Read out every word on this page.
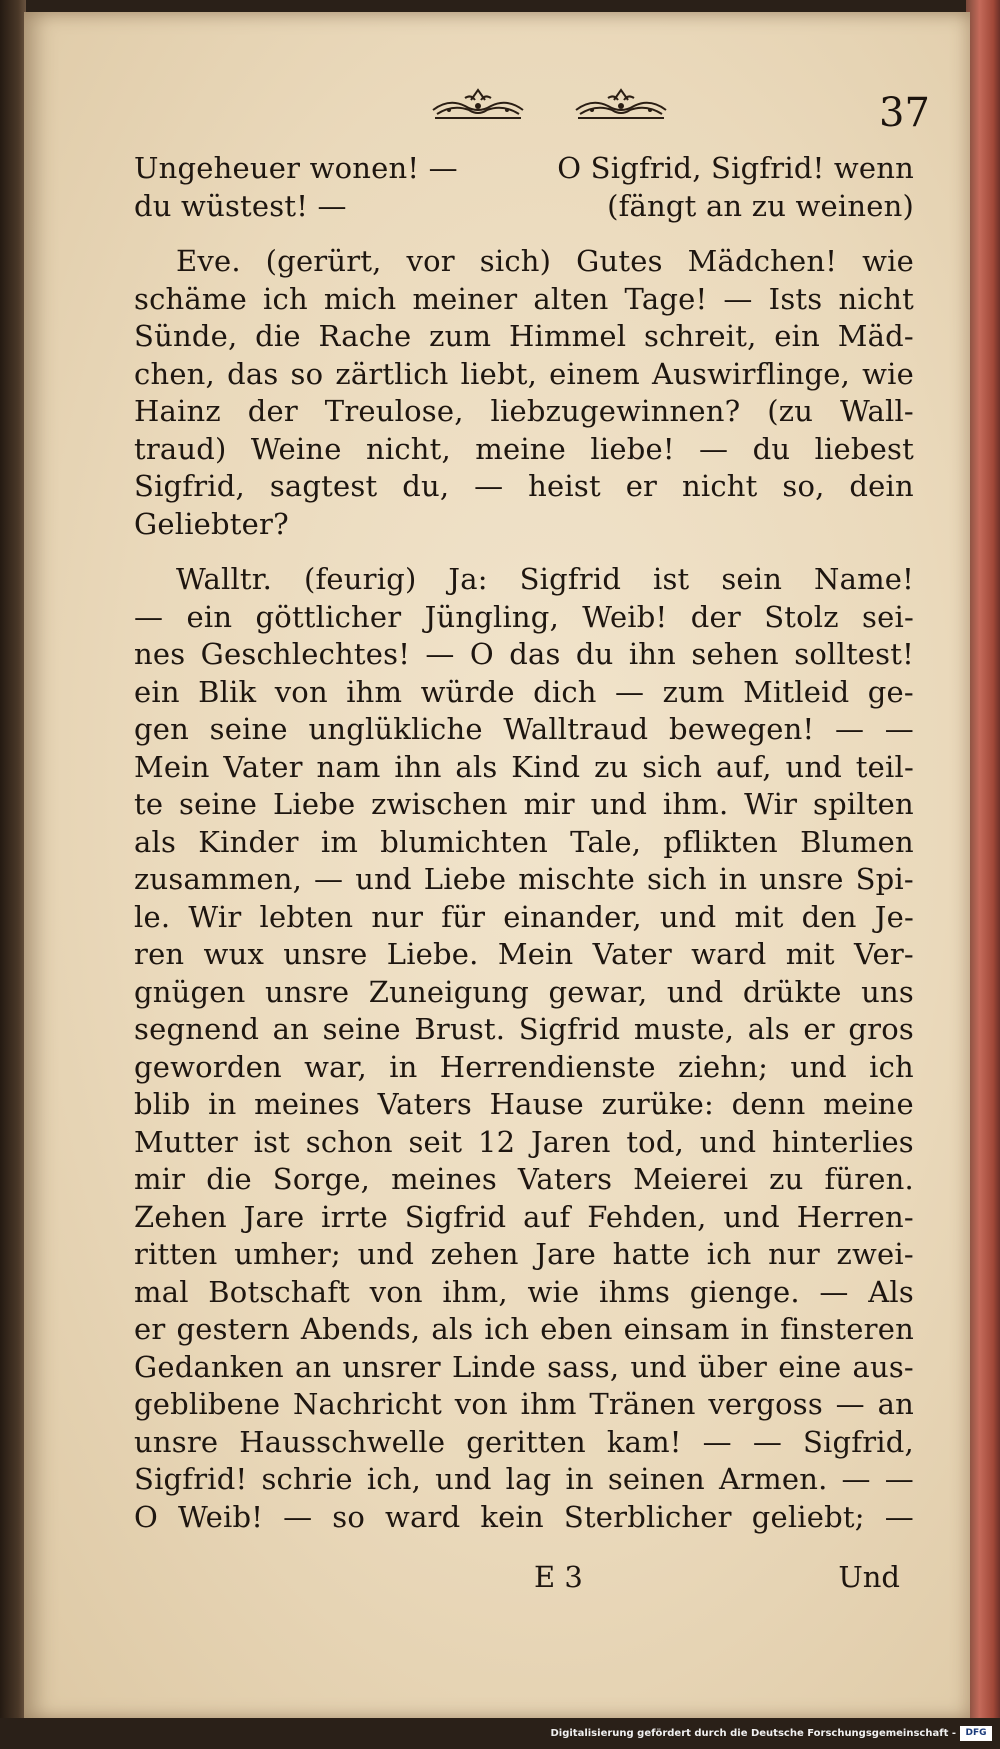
37
Ungeheuer wonen! —	O Sigfrid, Sigfrid! wenn
du wüstest! —	(fängt an zu weinen)
Eve. (gerürt, vor sich) Gutes Mädchen! wie
schäme ich mich meiner alten Tage! — Ists nicht
Sünde, die Rache zum Himmel schreit, ein Mäd-
chen, das so zärtlich liebt, einem Auswirflinge, wie
Hainz der Treulose, liebzugewinnen? (zu Wall-
traud) Weine nicht, meine liebe! — du liebest
Sigfrid, sagtest du, — heist er nicht so, dein
Geliebter?
Walltr. (feurig) Ja: Sigfrid ist sein Name!
— ein göttlicher Jüngling, Weib! der Stolz sei-
nes Geschlechtes! — O das du ihn sehen solltest!
ein Blik von ihm würde dich — zum Mitleid ge-
gen seine unglükliche Walltraud bewegen! — —
Mein Vater nam ihn als Kind zu sich auf, und teil-
te seine Liebe zwischen mir und ihm. Wir spilten
als Kinder im blumichten Tale, pflikten Blumen
zusammen, — und Liebe mischte sich in unsre Spi-
le. Wir lebten nur für einander, und mit den Je-
ren wux unsre Liebe. Mein Vater ward mit Ver-
gnügen unsre Zuneigung gewar, und drükte uns
segnend an seine Brust. Sigfrid muste, als er gros
geworden war, in Herrendienste ziehn; und ich
blib in meines Vaters Hause zurüke: denn meine
Mutter ist schon seit 12 Jaren tod, und hinterlies
mir die Sorge, meines Vaters Meierei zu füren.
Zehen Jare irrte Sigfrid auf Fehden, und Herren-
ritten umher; und zehen Jare hatte ich nur zwei-
mal Botschaft von ihm, wie ihms gienge. — Als
er gestern Abends, als ich eben einsam in finsteren
Gedanken an unsrer Linde sass, und über eine aus-
geblibene Nachricht von ihm Tränen vergoss — an
unsre Hausschwelle geritten kam! — — Sigfrid,
Sigfrid! schrie ich, und lag in seinen Armen. — —
O Weib! — so ward kein Sterblicher geliebt; —
E 3	Und
Digitalisierung gefördert durch die Deutsche Forschungsgemeinschaft -	DFG
